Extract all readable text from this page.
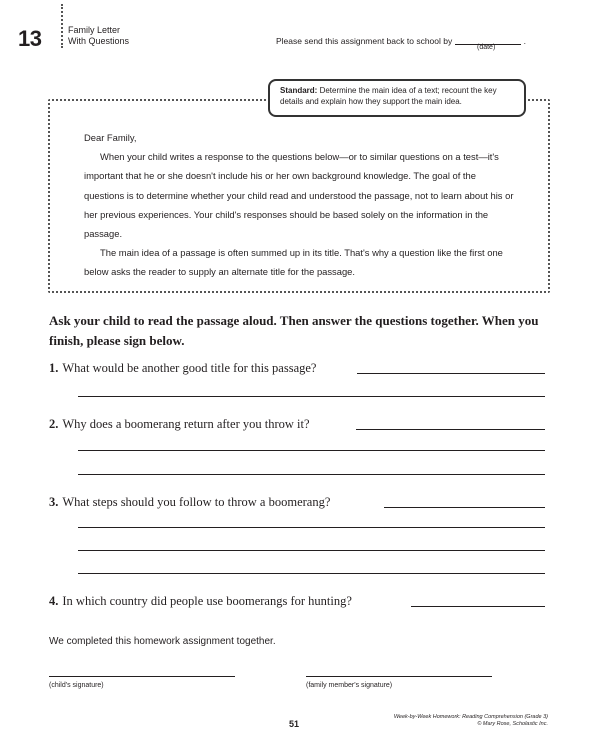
13	Family Letter
With Questions	Please send this assignment back to school by	.
(date)
Standard: Determine the main idea of a text; recount the key details and explain how they support the main idea.

Dear Family,

When your child writes a response to the questions below—or to similar questions on a test—it's important that he or she doesn't include his or her own background knowledge. The goal of the questions is to determine whether your child read and understood the passage, not to learn about his or her previous experiences. Your child's responses should be based solely on the information in the passage.

The main idea of a passage is often summed up in its title. That's why a question like the first one below asks the reader to supply an alternate title for the passage.

Ask your child to read the passage aloud. Then answer the questions together. When you finish, please sign below.
1. What would be another good title for this passage?
2. Why does a boomerang return after you throw it?
3. What steps should you follow to throw a boomerang?
4. In which country did people use boomerangs for hunting?
We completed this homework assignment together.
(child's signature)	(family member's signature)
51
Week-by-Week Homework: Reading Comprehension (Grade 3)
© Mary Rose, Scholastic Inc.
